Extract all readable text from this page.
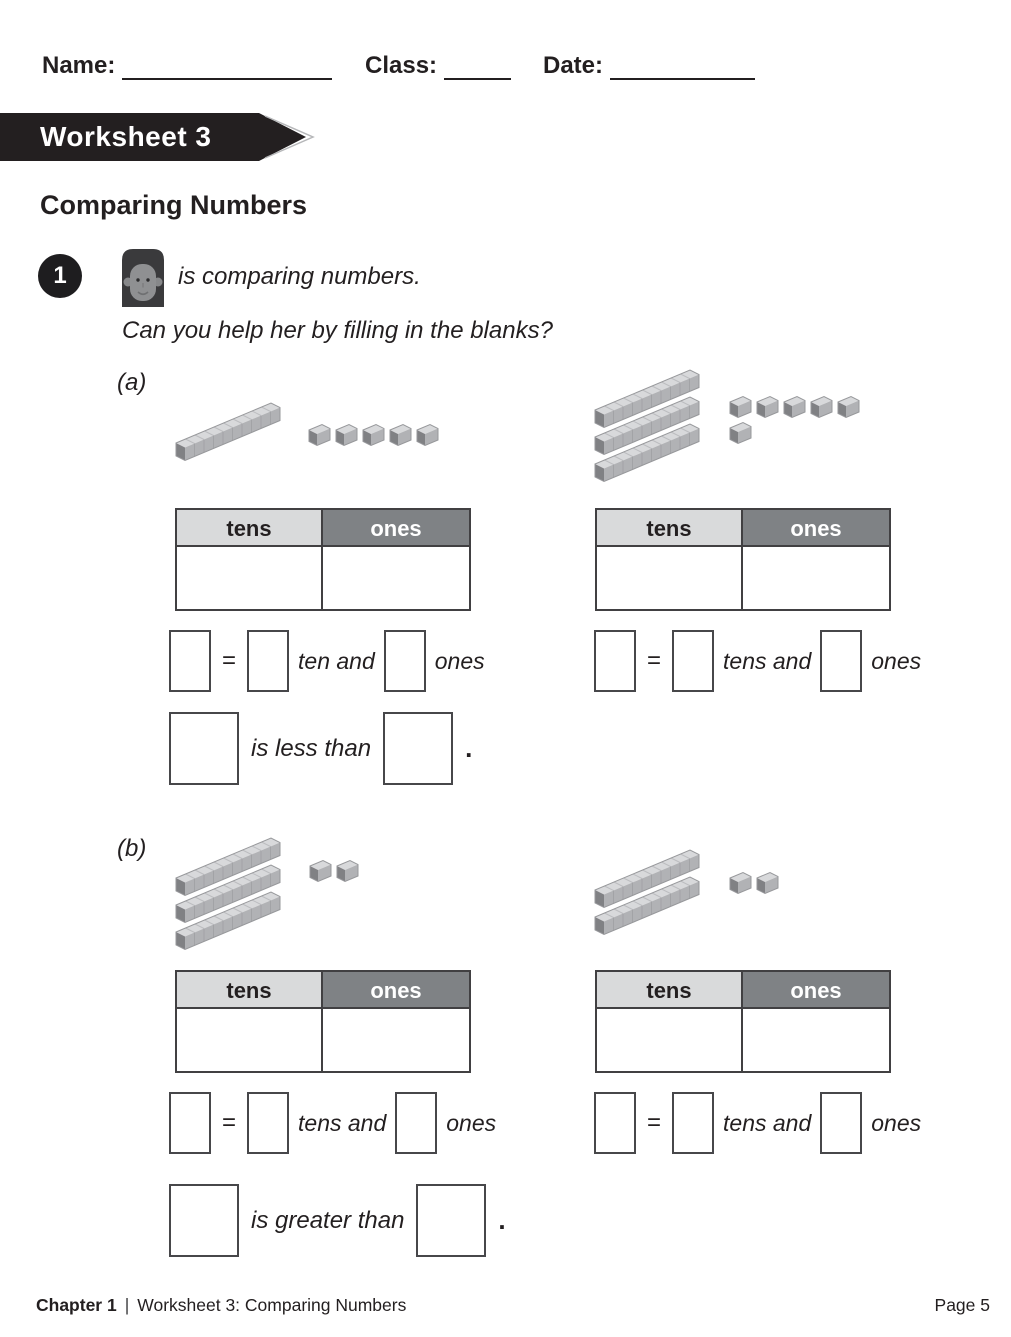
Name:	Class:	Date:
Worksheet 3
Comparing Numbers
1	is comparing numbers.
Can you help her by filling in the blanks?
(a)
tens	ones	tens	ones
=	ten and	ones	=	tens and	ones
is less than	.
(b)
tens	ones	tens	ones
=	tens and	ones	=	tens and	ones
is greater than	.
Chapter 1 | Worksheet 3: Comparing Numbers	Page 5
